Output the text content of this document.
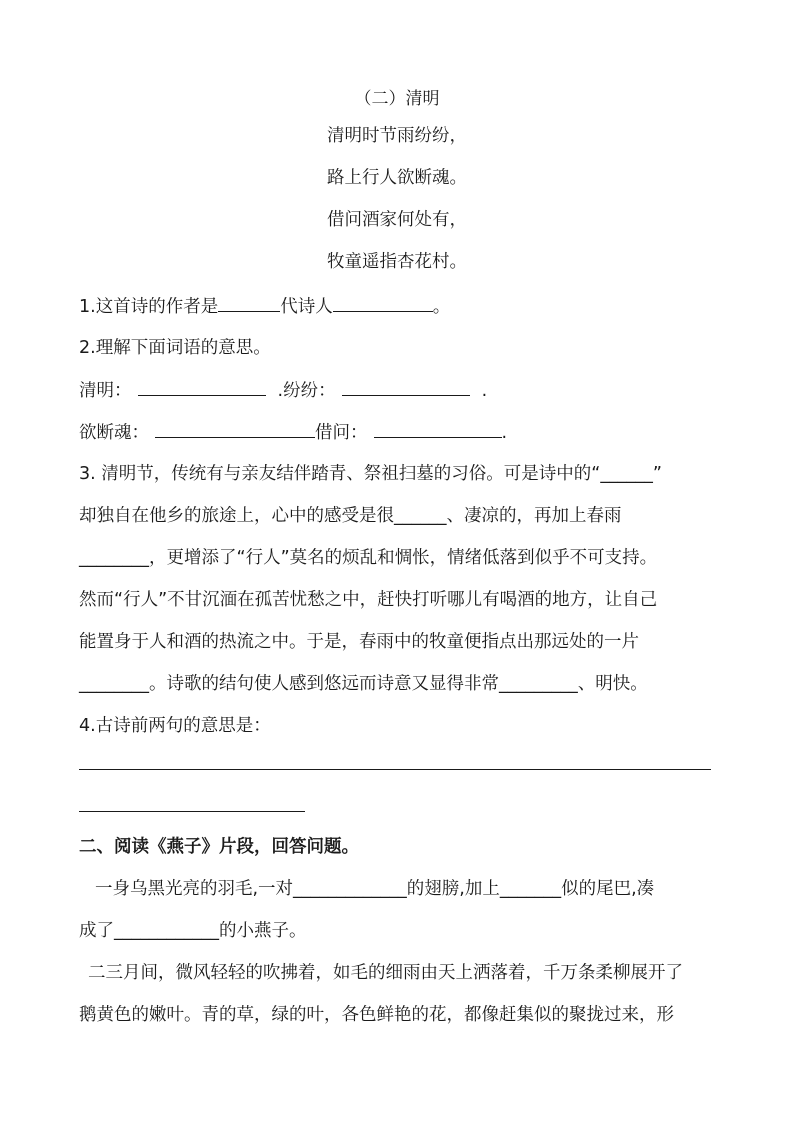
（二）清明
清明时节雨纷纷，
路上行人欲断魂。
借问酒家何处有，
牧童遥指杏花村。
1.这首诗的作者是	代诗人	。
2.理解下面词语的意思。
清明：	.纷纷：	.
欲断魂：	借问：	.
3. 清明节，传统有与亲友结伴踏青、祭祖扫墓的习俗。可是诗中的“______”
却独自在他乡的旅途上，心中的感受是很______、凄凉的，再加上春雨
________，更增添了“行人”莫名的烦乱和惆怅，情绪低落到似乎不可支持。
然而“行人”不甘沉湎在孤苦忧愁之中，赶快打听哪儿有喝酒的地方，让自己
能置身于人和酒的热流之中。于是，春雨中的牧童便指点出那远处的一片
________。诗歌的结句使人感到悠远而诗意又显得非常_________、明快。
4.古诗前两句的意思是：
二、阅读《燕子》片段，回答问题。
一身乌黑光亮的羽毛,一对_____________的翅膀,加上_______似的尾巴,凑
成了____________的小燕子。
二三月间，微风轻轻的吹拂着，如毛的细雨由天上洒落着，千万条柔柳展开了
鹅黄色的嫩叶。青的草，绿的叶，各色鲜艳的花，都像赶集似的聚拢过来，形
